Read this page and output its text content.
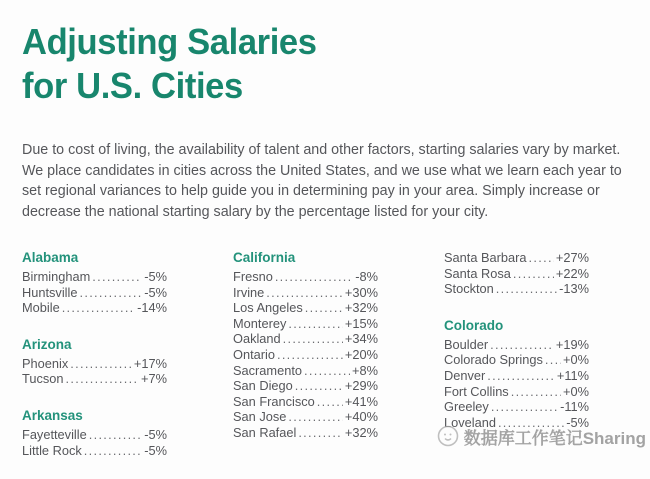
Adjusting Salaries
for U.S. Cities

Due to cost of living, the availability of talent and other factors, starting salaries vary by market. We place candidates in cities across the United States, and we use what we learn each year to set regional variances to help guide you in determining pay in your area. Simply increase or decrease the national starting salary by the percentage listed for your city.

Alabama
Birmingham .....	-5%
Huntsville .....	-5%
Mobile .....	-14%
Arizona
Phoenix .....	+17%
Tucson .....	+7%
Arkansas
Fayetteville .....	-5%
Little Rock .....	-5%
California
Fresno .....	-8%
Irvine .....	+30%
Los Angeles .....	+32%
Monterey .....	+15%
Oakland .....	+34%
Ontario .....	+20%
Sacramento .....	+8%
San Diego .....	+29%
San Francisco ..... +41%
San Jose .....	+40%
San Rafael .....	+32%
Santa Barbara ..... +27%
Santa Rosa .....	+22%
Stockton .....	-13%
Colorado
Boulder .....	+19%
Colorado Springs ..... +0%
Denver .....	+11%
Fort Collins .....	+0%
Greeley .....	-11%
Loveland .....	-5%
数据库工作笔记Sharing
